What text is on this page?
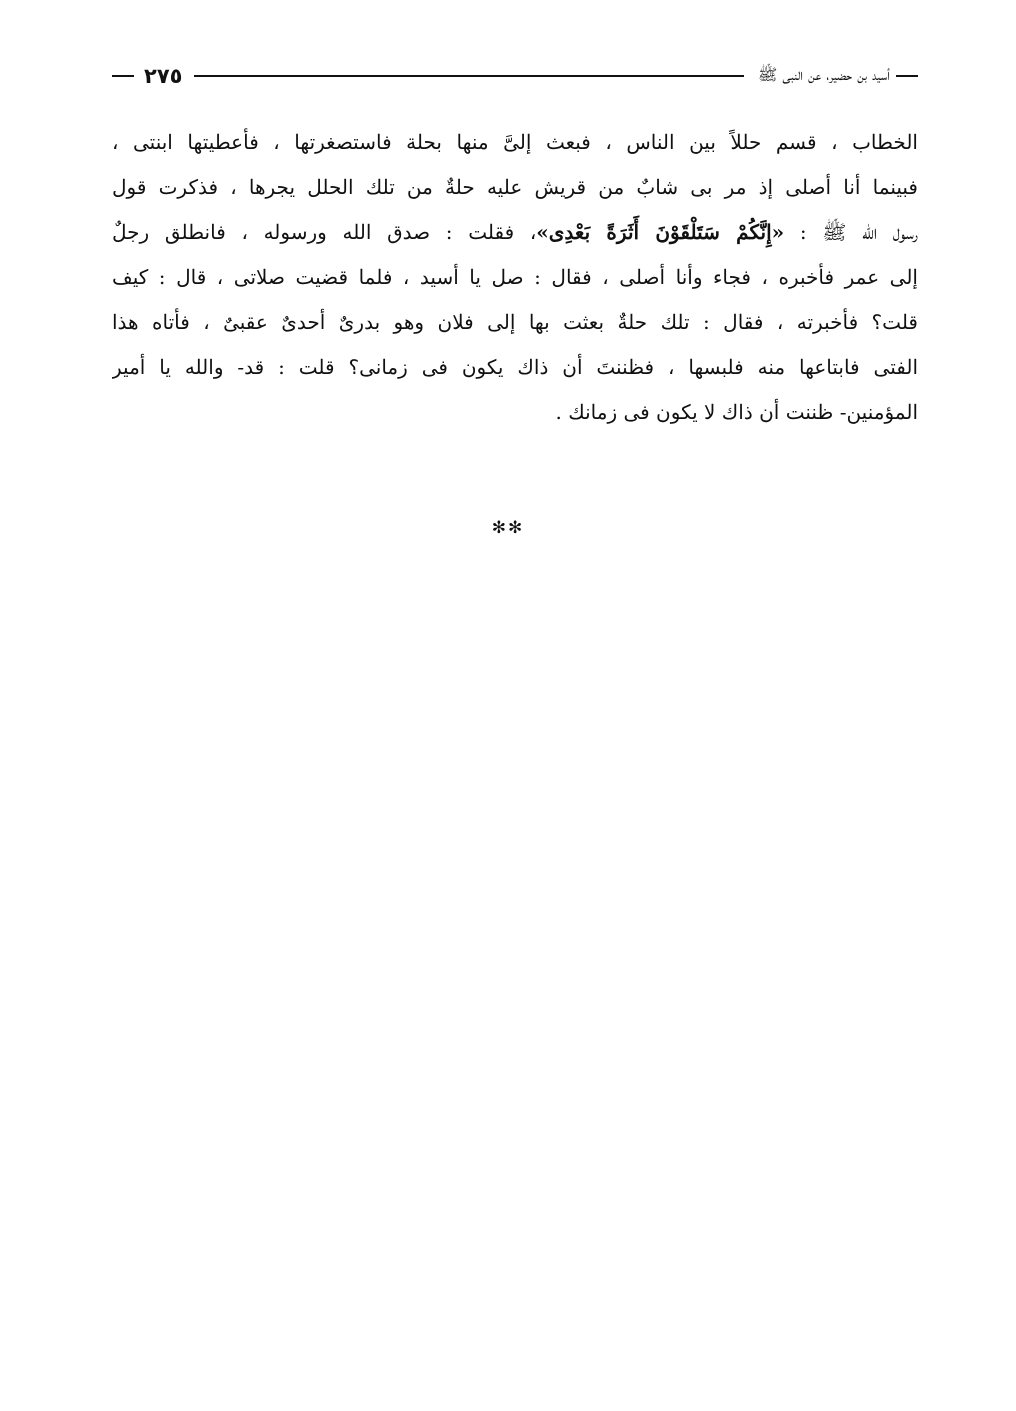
٢٧٥	أسيد بن حضير، عن النبى ﷺ
الخطاب ، قسم حللاً بين الناس ، فبعث إلىَّ منها بحلة فاستصغرتها ، فأعطيتها ابنتى ،
فبينما أنا أصلى إذ مر بى شابٌ من قريش عليه حلةٌ من تلك الحلل يجرها ، فذكرت قول
رسول الله ﷺ : «إِنَّكُمْ سَتَلْقَوْنَ أَثَرَةً بَعْدِى»، فقلت : صدق الله ورسوله ، فانطلق رجلٌ
إلى عمر فأخبره ، فجاء وأنا أصلى ، فقال : صل يا أسيد ، فلما قضيت صلاتى ، قال : كيف
قلت؟ فأخبرته ، فقال : تلك حلةٌ بعثت بها إلى فلان وهو بدرىٌ أحدىٌ عقبىٌ ، فأتاه هذا
الفتى فابتاعها منه فلبسها ، فظننتَ أن ذاك يكون فى زمانى؟ قلت : قد- والله يا أمير
المؤمنين- ظننت أن ذاك لا يكون فى زمانك .
✻✻
